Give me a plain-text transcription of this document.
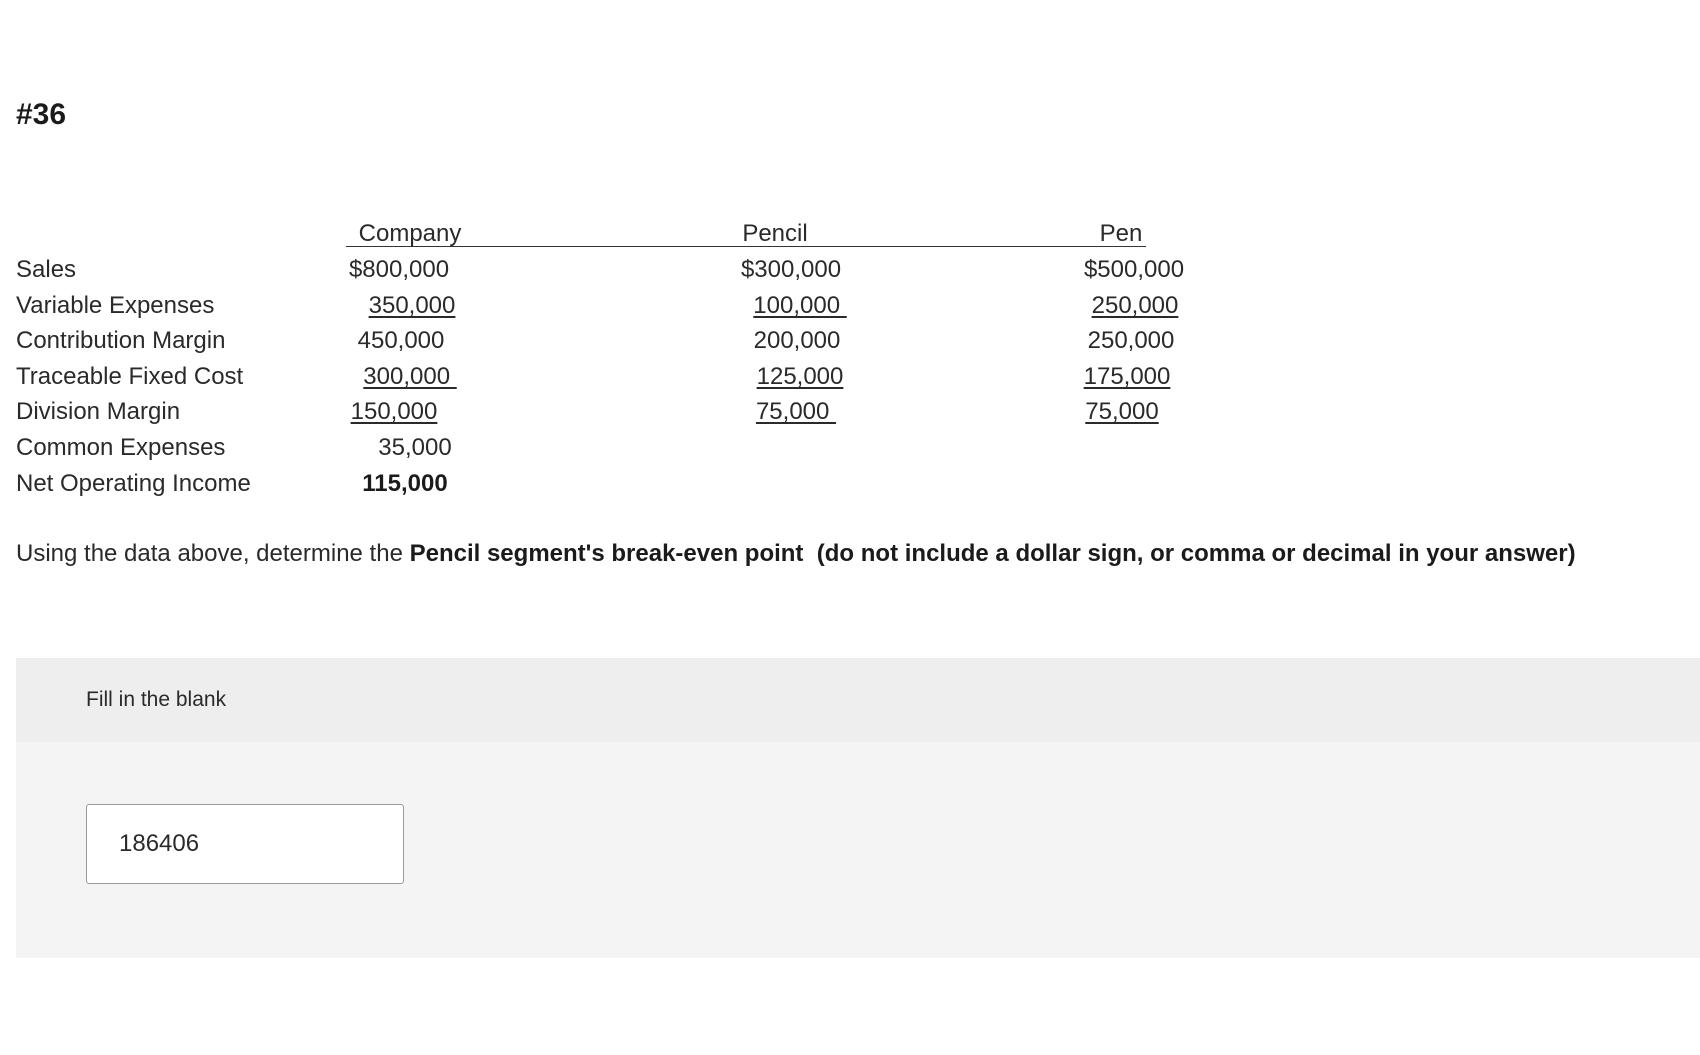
#36
Company	Pencil	Pen
Sales	$800,000	$300,000	$500,000
Variable Expenses	350,000	100,000	250,000
Contribution Margin	450,000	200,000	250,000
Traceable Fixed Cost	300,000	125,000	175,000
Division Margin	150,000	75,000	75,000
Common Expenses	35,000
Net Operating Income	115,000
Using the data above, determine the Pencil segment's break-even point (do not include a dollar sign, or comma or decimal in your answer)
Fill in the blank
186406
